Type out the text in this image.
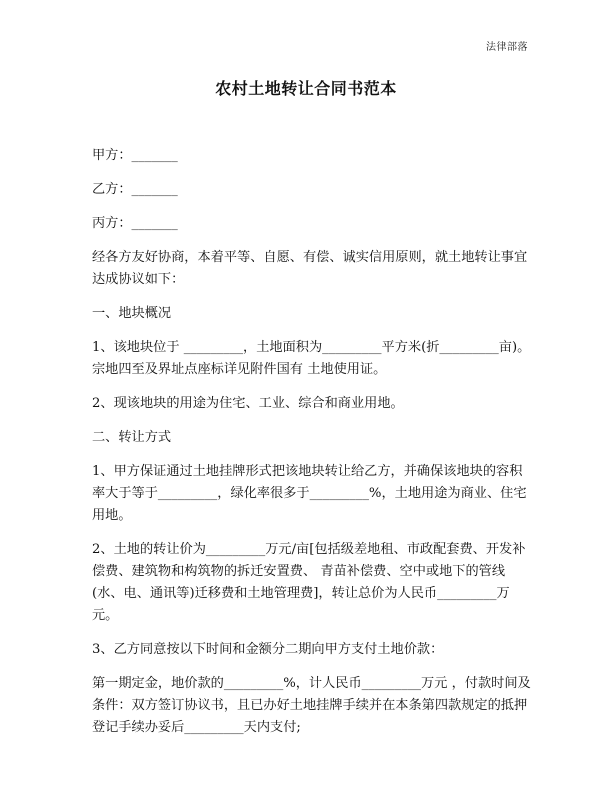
法律部落
农村土地转让合同书范本

甲方：_______

乙方：_______

丙方：_______

经各方友好协商，本着平等、自愿、有偿、诚实信用原则，就土地转让事宜达成协议如下：

一、地块概况

1、该地块位于 _________，土地面积为_________平方米(折_________亩)。宗地四至及界址点座标详见附件国有 土地使用证。

2、现该地块的用途为住宅、工业、综合和商业用地。

二、转让方式

1、甲方保证通过土地挂牌形式把该地块转让给乙方，并确保该地块的容积率大于等于_________，绿化率很多于_________%，土地用途为商业、住宅用地。

2、土地的转让价为_________万元/亩[包括级差地租、市政配套费、开发补偿费、建筑物和构筑物的拆迁安置费、 青苗补偿费、空中或地下的管线(水、电、通讯等)迁移费和土地管理费]，转让总价为人民币_________万元。

3、乙方同意按以下时间和金额分二期向甲方支付土地价款：

第一期定金，地价款的_________%，计人民币_________万元 ，付款时间及条件：双方签订协议书，且已办好土地挂牌手续并在本条第四款规定的抵押登记手续办妥后_________天内支付;
